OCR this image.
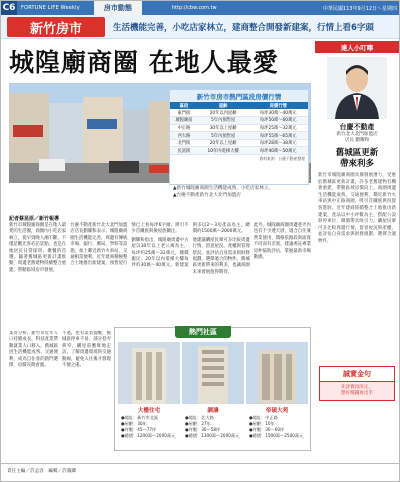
C6	FORTUNE LIFE Weekly	房市動態	http://cbw.com.tw	中華民國113年9月12日～星期四
新竹房市	生活機能完善，小吃店家林立，建商整合開發新建案，行情上看6字頭
城隍廟商圈 在地人最愛
新竹市房市熱門區段房價行情
區段	屋齡	房價行情
東門街	20年以內屋齡	每坪30萬～40萬元
城隍廟前	5年內預售屋	每坪50萬～60萬元
中正路	30年以上屋齡	每坪25萬～32萬元
西大路	5年內預售屋	每坪55萬～65萬元
北門街	20年以上屋齡	每坪28萬～38萬元
民富街	10年內電梯大樓	每坪40萬～50萬元
資料來源：台慶不動產整理
▲新竹城隍廟商圈生活機能成熟，小吃店家林立。
▲台慶不動產新竹北大北門加盟店
記者蔡昆原／新竹報導

新竹市城隍廟商圈是在地人最愛的生活圈，商圈內小吃店家林立，從早到晚人潮不斷，不僅是觀光客必訪景點，也是在地居民日常採買、聚餐的首選。隨著舊城區更新計畫推動，周邊老舊建物陸續整合重建，帶動區域房市發展。

台慶不動產新竹北大北門加盟店店長劉耀和表示，城隍廟商圈生活機能完善，周邊有傳統市場、銀行、郵局、學校等設施，加上鄰近新竹火車站，交通相當便利。近年建商積極整合土地推出新建案，預售屋行情已上看每坪6字頭，吸引不少首購族與換屋族關注。

劉耀和指出，城隍廟周邊中古屋以30年以上老公寓為主，每坪約25萬～32萬元，總價親民；20年以內電梯大樓每坪約30萬～40萬元。新建案則多以2～3房產品為主，總價約1500萬～2000萬元。

他建議購屋民眾可多比較周邊行情，留意屋況、產權與管理狀況，並評估自身需求與財務規劃，選擇適合的物件。舊城區更新帶來的利多，也讓商圈未來發展值得期待。

此外，城隍廟商圈周邊巷弄內也有不少透天厝，適合自住兼營業使用，價格依路段與面寬不同而有差異，建議委託專業房仲協助評估，掌握最新市場動態。

業者分析，新竹市近年人口持續成長，科技產業帶動就業人口移入，舊城區因生活機能成熟、交通便利，成為自住客的熱門選擇，房價長期看漲。

不過，也有業者提醒，舊城區停車不易、部分巷弄狹窄，購屋前應實地走訪，了解周邊環境與交通動線，避免入住後才發現不便之處。

熱門社區
大樓住宅
●地址：新竹市北區
●屋齡：30年
●坪數：45～77坪
●總價：1200萬～2000萬元
調濤
●地址：北大路
●屋齡：27年
●坪數：30～58坪
●總價：1300萬～2000萬元
帝碩大苑
●地址：中正路
●屋齡：10年
●坪數：30～60坪
●總價：1500萬～2500萬元
達人小叮嚀
台慶不動產
新竹北大北門加盟店
店長 劉耀和
舊城區更新
帶來利多
新竹市城隍廟商圈具備發展潛力，受惠於舊城區更新計畫，許多老舊建物有機會重建，帶動區域房價向上。商圈周邊生活機能成熟，交通便利，鄰近新竹火車站與中正路商圈，吸引首購族與投資客進駐。近年建商陸續整合土地推出新建案，產品以中小坪數為主，搭配公設與停車位，總價帶具吸引力。購屋民眾可多比較周邊行情，留意屋況與產權，並評估自身需求與財務規劃，選擇合適物件。
誠實金句
先評實再決定，
想好價錢再出手
責任主編／許孟容　編輯／許鳳卿
